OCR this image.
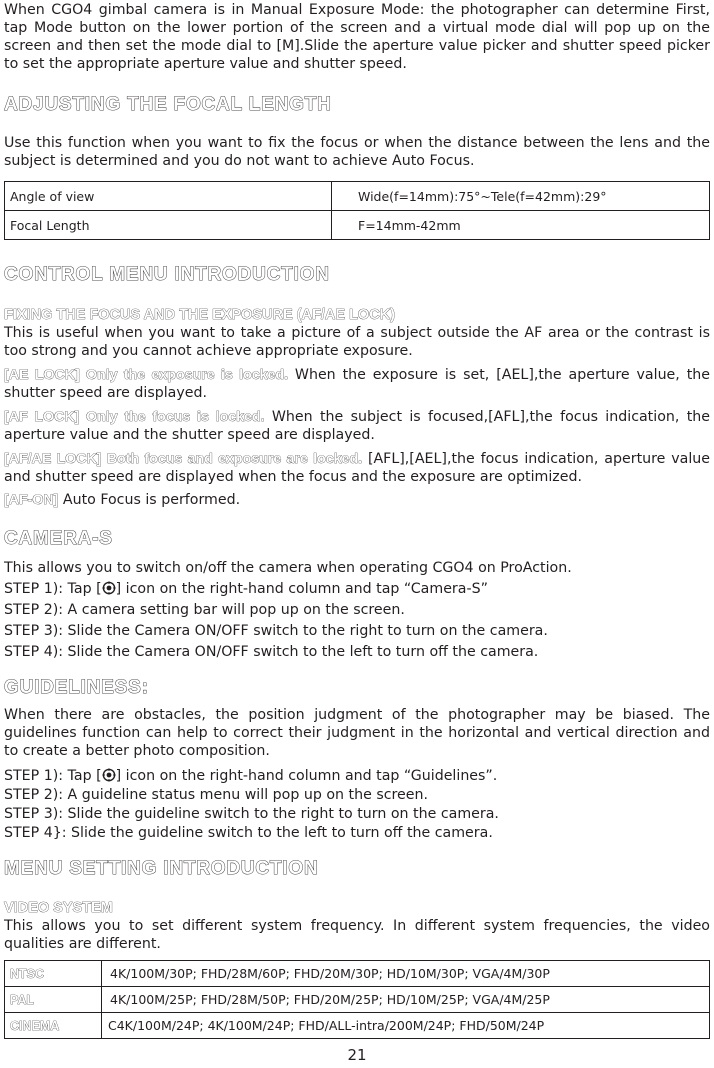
When CGO4 gimbal camera is in Manual Exposure Mode: the photographer can determine First, tap Mode button on the lower portion of the screen and a virtual mode dial will pop up on the screen and then set the mode dial to [M].Slide the aperture value picker and shutter speed picker to set the appropriate aperture value and shutter speed.

ADJUSTING THE FOCAL LENGTH

Use this function when you want to fix the focus or when the distance between the lens and the subject is determined and you do not want to achieve Auto Focus.

Angle of view	Wide(f=14mm):75°~Tele(f=42mm):29°
Focal Length	F=14mm-42mm
CONTROL MENU INTRODUCTION
FIXING THE FOCUS AND THE EXPOSURE (AF/AE LOCK)

This is useful when you want to take a picture of a subject outside the AF area or the contrast is too strong and you cannot achieve appropriate exposure.

[AE LOCK] Only the exposure is locked. When the exposure is set, [AEL],the aperture value, the shutter speed are displayed.

[AF LOCK] Only the focus is locked. When the subject is focused,[AFL],the focus indication, the aperture value and the shutter speed are displayed.

[AF/AE LOCK] Both focus and exposure are locked. [AFL],[AEL],the focus indication, aperture value and shutter speed are displayed when the focus and the exposure are optimized.

[AF-ON] Auto Focus is performed.

CAMERA-S

This allows you to switch on/off the camera when operating CGO4 on ProAction.

STEP 1): Tap [ ] icon on the right-hand column and tap “Camera-S”

STEP 2): A camera setting bar will pop up on the screen.

STEP 3): Slide the Camera ON/OFF switch to the right to turn on the camera.

STEP 4): Slide the Camera ON/OFF switch to the left to turn off the camera.

GUIDELINESS:

When there are obstacles, the position judgment of the photographer may be biased. The guidelines function can help to correct their judgment in the horizontal and vertical direction and to create a better photo composition.

STEP 1): Tap [ ] icon on the right-hand column and tap “Guidelines”.

STEP 2): A guideline status menu will pop up on the screen.

STEP 3): Slide the guideline switch to the right to turn on the camera.

STEP 4}: Slide the guideline switch to the left to turn off the camera.

MENU SETTING INTRODUCTION
VIDEO SYSTEM

This allows you to set different system frequency. In different system frequencies, the video qualities are different.

NTSC	4K/100M/30P; FHD/28M/60P; FHD/20M/30P; HD/10M/30P; VGA/4M/30P
PAL	4K/100M/25P; FHD/28M/50P; FHD/20M/25P; HD/10M/25P; VGA/4M/25P
CINEMA	C4K/100M/24P; 4K/100M/24P; FHD/ALL-intra/200M/24P; FHD/50M/24P
21
